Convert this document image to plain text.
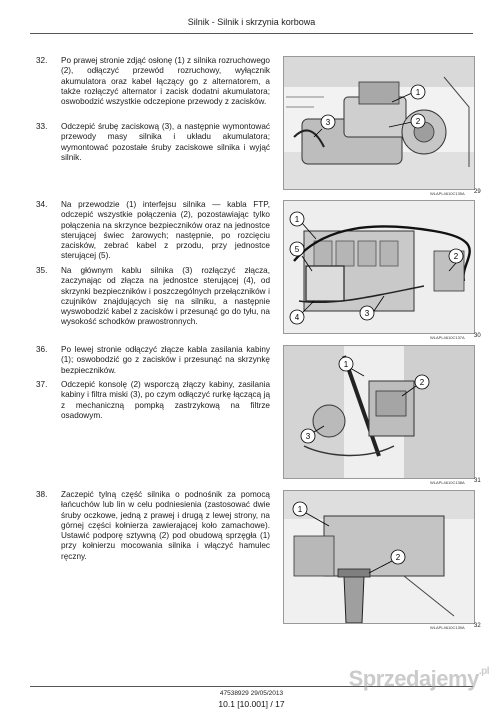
Silnik - Silnik i skrzynia korbowa
32.	Po prawej stronie zdjąć osłonę (1) z silnika rozruchowego (2), odłączyć przewód rozruchowy, wyłącznik akumulatora oraz kabel łączący go z alternatorem, a także rozłączyć alternator i zacisk dodatni akumulatora; oswobodzić wszystkie odczepione przewody z zacisków.
33.	Odczepić śrubę zaciskową (3), a następnie wymontować przewody masy silnika i układu akumulatora; wymontować pozostałe śruby zaciskowe silnika i wyjąć silnik.
34.	Na przewodzie (1) interfejsu silnika — kabla FTP, odczepić wszystkie połączenia (2), pozostawiając tylko połączenia na skrzynce bezpieczników oraz na jednostce sterującej świec żarowych; następnie, po rozcięciu zacisków, zebrać kabel z przodu, przy jednostce sterującej (5).
35.	Na głównym kablu silnika (3) rozłączyć złącza, zaczynając od złącza na jednostce sterującej (4), od skrzynki bezpieczników i poszczególnych przełączników i czujników znajdujących się na silniku, a następnie wyswobodzić kabel z zacisków i przesunąć go do tyłu, na wysokość schodków prawostronnych.
36.	Po lewej stronie odłączyć złącze kabla zasilania kabiny (1); oswobodzić go z zacisków i przesunąć na skrzynkę bezpieczników.
37.	Odczepić konsolę (2) wsporczą złączy kabiny, zasilania kabiny i filtra miski (3), po czym odłączyć rurkę łączącą ją z mechaniczną pompką zastrzykową na filtrze osadowym.
38.	Zaczepić tylną część silnika o podnośnik za pomocą łańcuchów lub lin w celu podniesienia (zastosować dwie śruby oczkowe, jedną z prawej i drugą z lewej strony, na górnej części kołnierza zawierającej koło zamachowe). Ustawić podporę sztywną (2) pod obudową sprzęgła (1) przy kołnierzu mocowania silnika i włączyć hamulec ręczny.
1
2
3
WLAPL4610C135A 29
1
2
3
4
5
WLAPL4610C137A 30
1
2
3
WLAPL4610C138A 31
1
2
WLAPL4610C139A 32
47538929 29/05/2013
10.1 [10.001] / 17
Sprzedajemy$^{.pl}$
